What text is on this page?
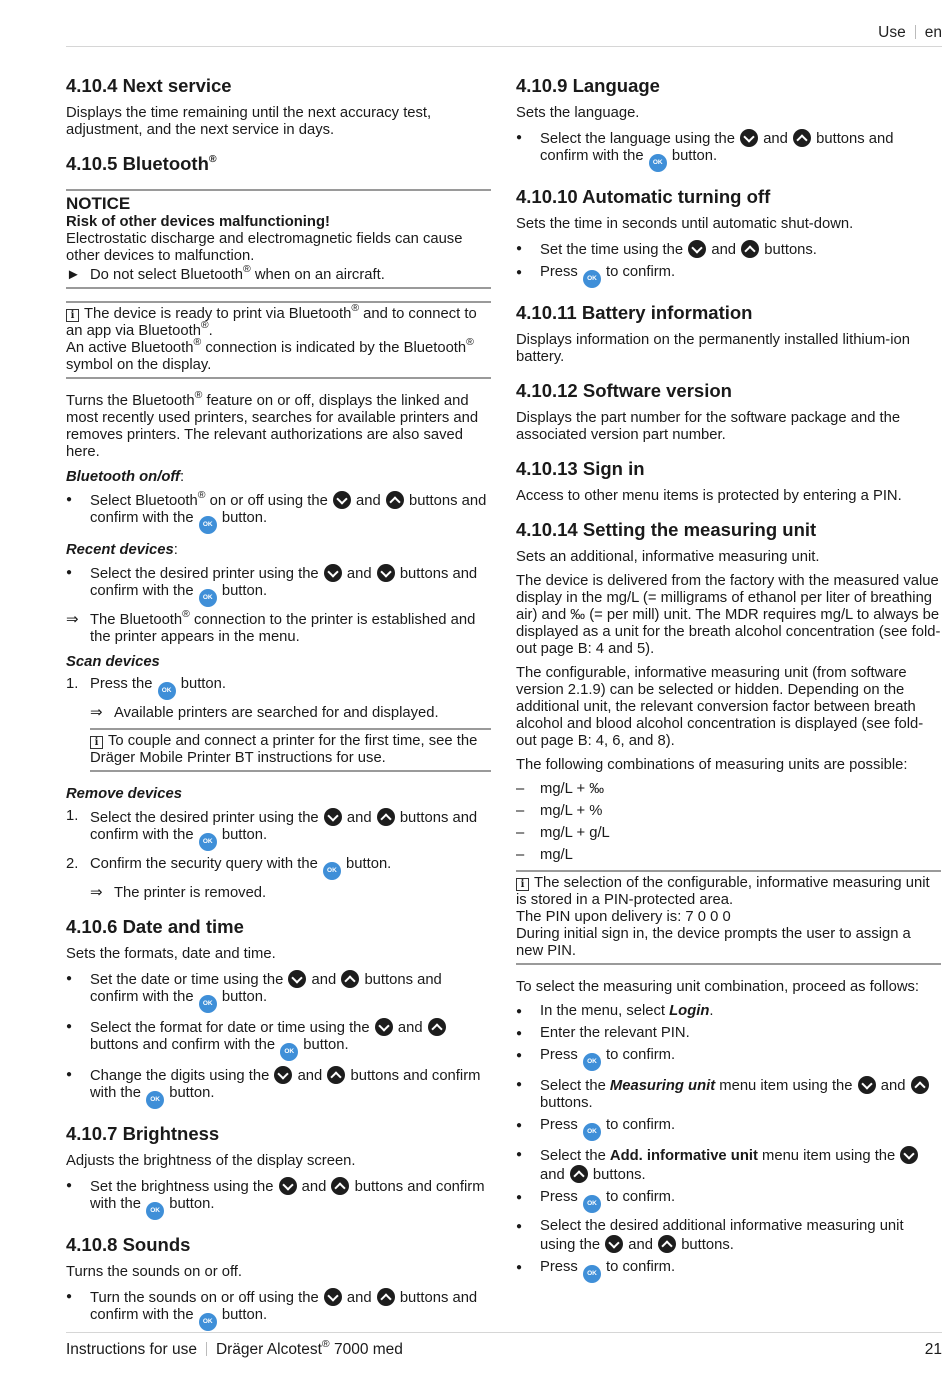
Use en
4.10.4 Next service

Displays the time remaining until the next accuracy test, adjustment, and the next service in days.

4.10.5 Bluetooth®
NOTICE
Risk of other devices malfunctioning!
Electrostatic discharge and electromagnetic fields can cause other devices to malfunction.
► Do not select Bluetooth® when on an aircraft.
i The device is ready to print via Bluetooth® and to connect to an app via Bluetooth®.
An active Bluetooth® connection is indicated by the Bluetooth® symbol on the display.

Turns the Bluetooth® feature on or off, displays the linked and most recently used printers, searches for available printers and removes printers. The relevant authorizations are also saved here.

Bluetooth on/off:
● Select Bluetooth® on or off using the  and  buttons and confirm with the OK button.
Recent devices:
● Select the desired printer using the  and  buttons and confirm with the OK button.
⇒ The Bluetooth® connection to the printer is established and the printer appears in the menu.
Scan devices
1. Press the OK button.
⇒ Available printers are searched for and displayed.
i To couple and connect a printer for the first time, see the Dräger Mobile Printer BT instructions for use.
Remove devices
1. Select the desired printer using the  and  buttons and confirm with the OK button.
2. Confirm the security query with the OK button.
⇒ The printer is removed.
4.10.6 Date and time

Sets the formats, date and time.

● Set the date or time using the  and  buttons and confirm with the OK button.
● Select the format for date or time using the  and  buttons and confirm with the OK button.
● Change the digits using the  and  buttons and confirm with the OK button.
4.10.7 Brightness

Adjusts the brightness of the display screen.

● Set the brightness using the  and  buttons and confirm with the OK button.
4.10.8 Sounds

Turns the sounds on or off.

● Turn the sounds on or off using the  and  buttons and confirm with the OK button.
4.10.9 Language

Sets the language.

● Select the language using the  and  buttons and confirm with the OK button.
4.10.10 Automatic turning off

Sets the time in seconds until automatic shut-down.

● Set the time using the  and  buttons.
● Press OK to confirm.
4.10.11 Battery information

Displays information on the permanently installed lithium-ion battery.

4.10.12 Software version

Displays the part number for the software package and the associated version part number.

4.10.13 Sign in

Access to other menu items is protected by entering a PIN.

4.10.14 Setting the measuring unit

Sets an additional, informative measuring unit.

The device is delivered from the factory with the measured value display in the mg/L (= milligrams of ethanol per liter of breathing air) and ‰ (= per mill) unit. The MDR requires mg/L to always be displayed as a unit for the breath alcohol concentration (see fold-out page B: 4 and 5).

The configurable, informative measuring unit (from software version 2.1.9) can be selected or hidden. Depending on the additional unit, the relevant conversion factor between breath alcohol and blood alcohol concentration is displayed (see fold-out page B: 4, 6, and 8).

The following combinations of measuring units are possible:

– mg/L + ‰
– mg/L + %
– mg/L + g/L
– mg/L
i The selection of the configurable, informative measuring unit is stored in a PIN-protected area.
The PIN upon delivery is: 7 0 0 0
During initial sign in, the device prompts the user to assign a new PIN.

To select the measuring unit combination, proceed as follows:

● In the menu, select Login.
● Enter the relevant PIN.
● Press OK to confirm.
● Select the Measuring unit menu item using the  and  buttons.
● Press OK to confirm.
● Select the Add. informative unit menu item using the  and  buttons.
● Press OK to confirm.
● Select the desired additional informative measuring unit using the  and  buttons.
● Press OK to confirm.
Instructions for use Dräger Alcotest® 7000 med	21
